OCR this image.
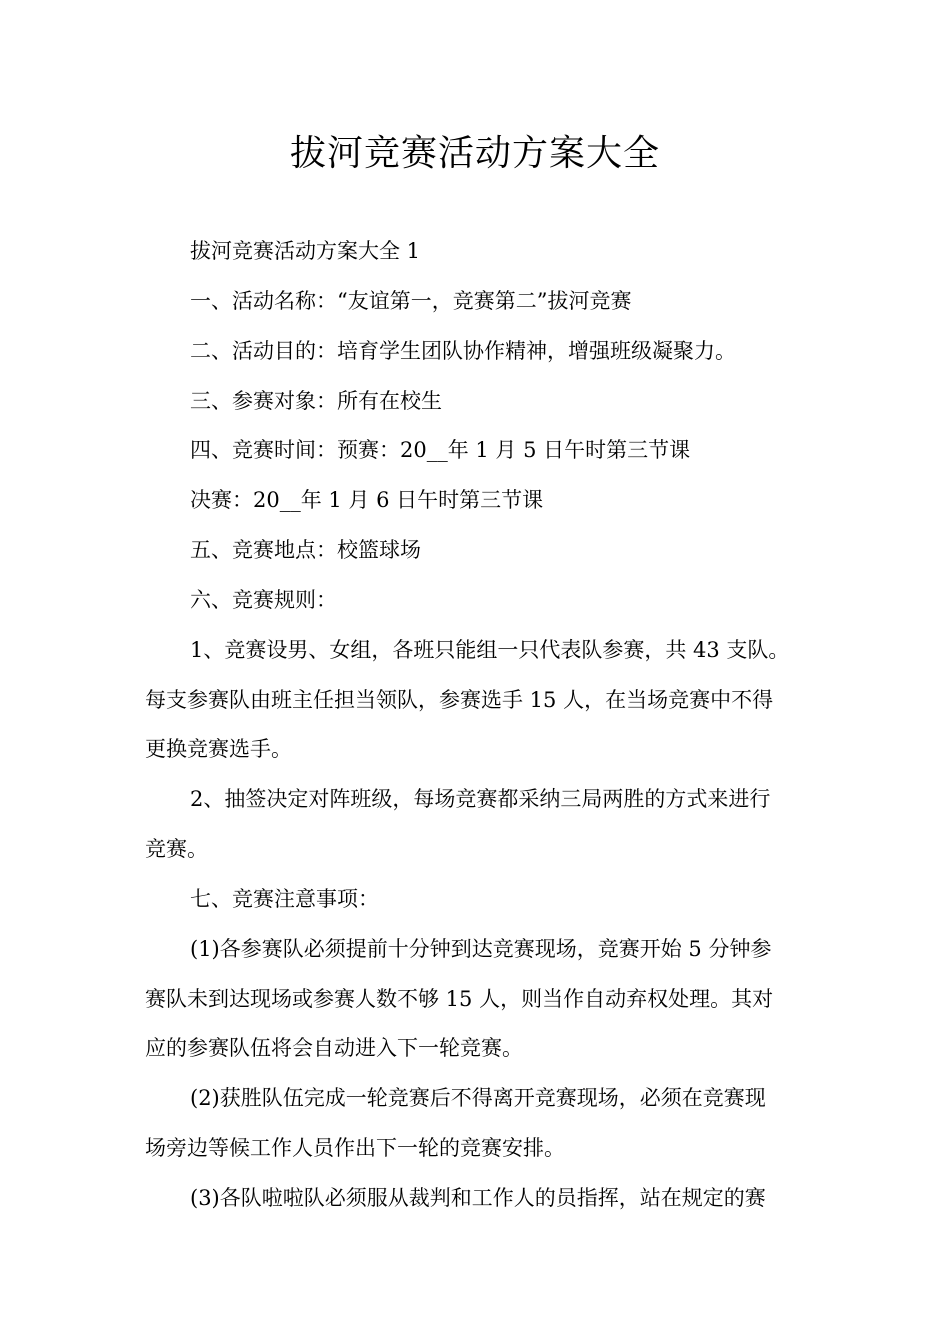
拔河竞赛活动方案大全
拔河竞赛活动方案大全 1
一、活动名称：“友谊第一，竞赛第二”拔河竞赛
二、活动目的：培育学生团队协作精神，增强班级凝聚力。
三、参赛对象：所有在校生
四、竞赛时间：预赛：20__年 1 月 5 日午时第三节课
决赛：20__年 1 月 6 日午时第三节课
五、竞赛地点：校篮球场
六、竞赛规则：
1、竞赛设男、女组，各班只能组一只代表队参赛，共 43 支队。
每支参赛队由班主任担当领队，参赛选手 15 人，在当场竞赛中不得
更换竞赛选手。
2、抽签决定对阵班级，每场竞赛都采纳三局两胜的方式来进行
竞赛。
七、竞赛注意事项：
(1)各参赛队必须提前十分钟到达竞赛现场，竞赛开始 5 分钟参
赛队未到达现场或参赛人数不够 15 人，则当作自动弃权处理。其对
应的参赛队伍将会自动进入下一轮竞赛。
(2)获胜队伍完成一轮竞赛后不得离开竞赛现场，必须在竞赛现
场旁边等候工作人员作出下一轮的竞赛安排。
(3)各队啦啦队必须服从裁判和工作人的员指挥，站在规定的赛
